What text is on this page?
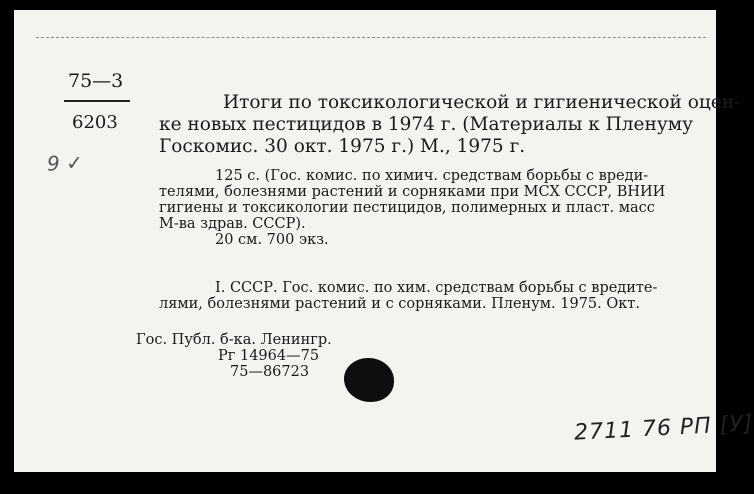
75—3
6203
9 ✓
Итоги по токсикологической и гигиенической оцен-
ке новых пестицидов в 1974 г. (Материалы к Пленуму
Госкомис. 30 окт. 1975 г.) М., 1975 г.
125 с. (Гос. комис. по химич. средствам борьбы с вреди-
телями, болезнями растений и сорняками при МСХ СССР, ВНИИ
гигиены и токсикологии пестицидов, полимерных и пласт. масс
М-ва здрав. СССР).
20 см. 700 экз.
I. СССР. Гос. комис. по хим. средствам борьбы с вредите-
лями, болезнями растений и с сорняками. Пленум. 1975. Окт.
Гос. Публ. б-ка. Ленингр.
Рг 14964—75
75—86723
2711 76 РП [У]
